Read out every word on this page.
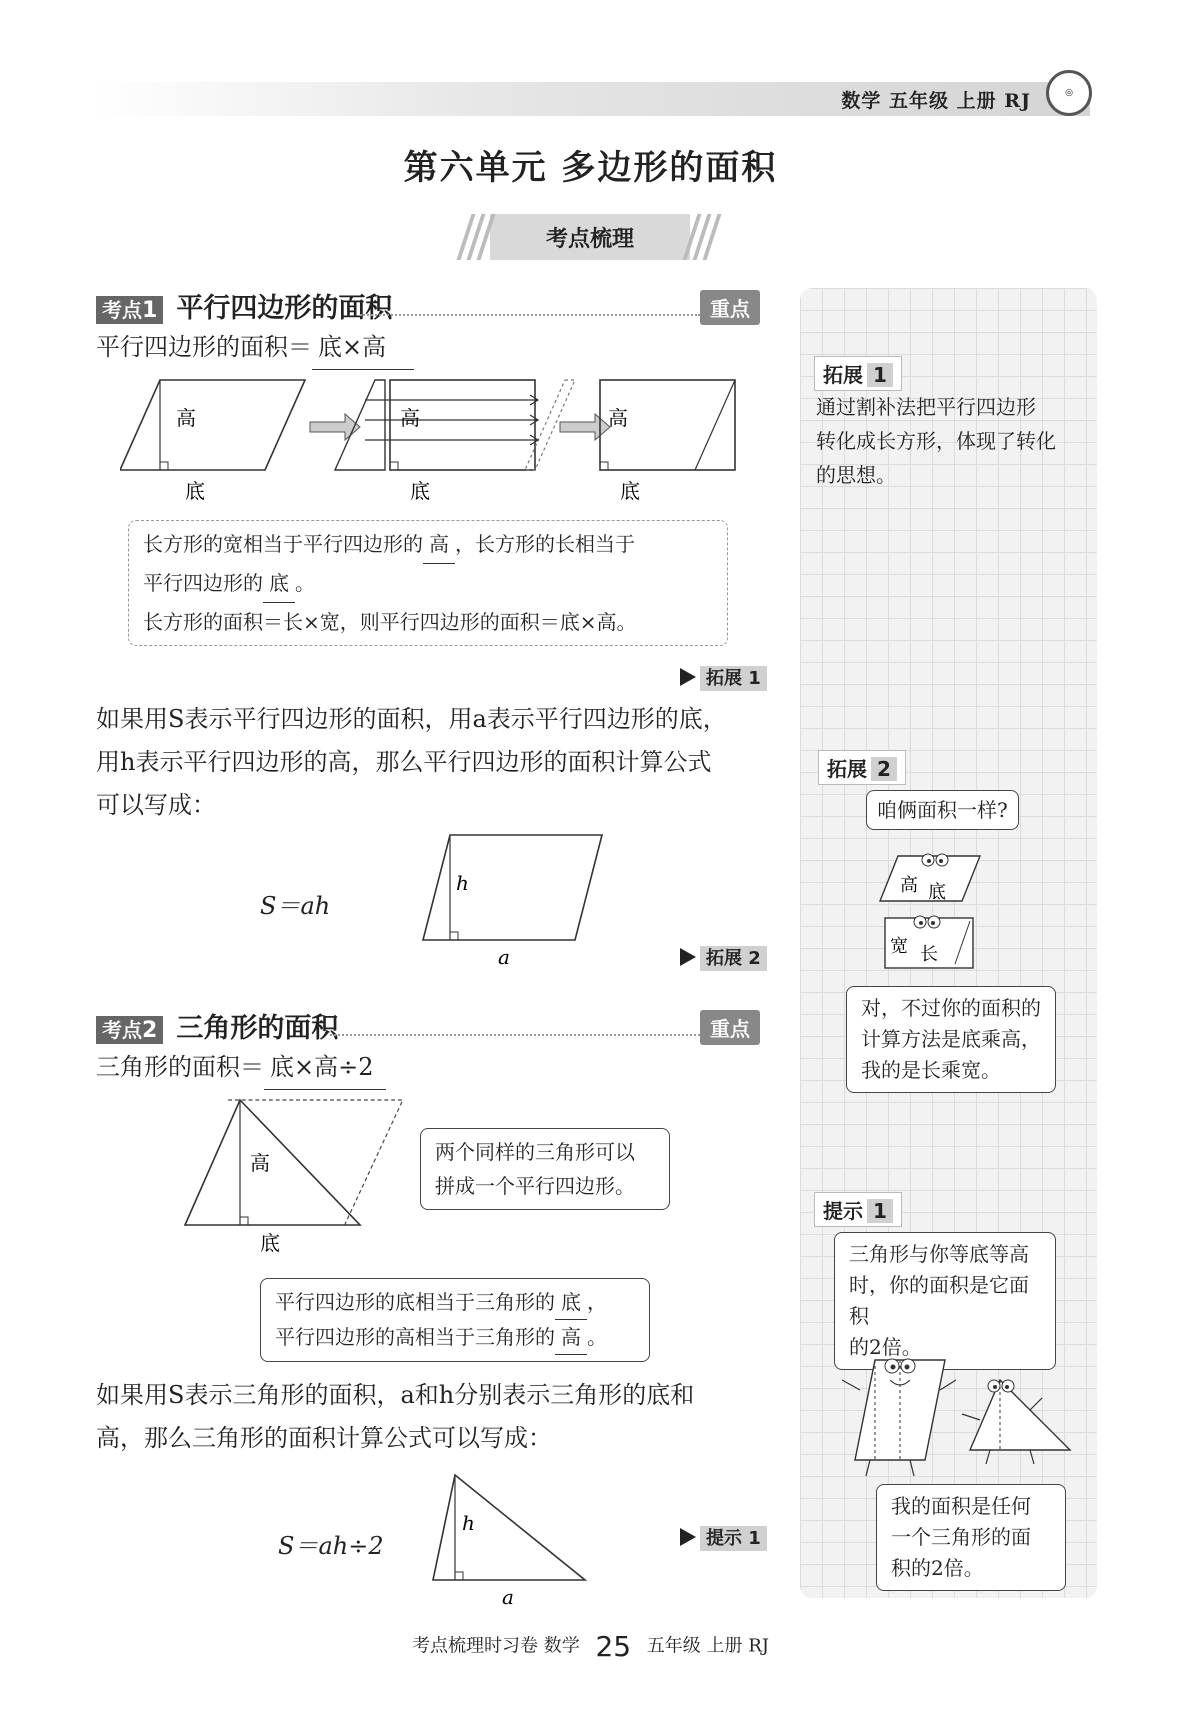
数学 五年级 上册 RJ	◎
第六单元 多边形的面积
考点梳理
考点1 平行四边形的面积	重点
平行四边形的面积＝ 底×高
高
底
高
底
高
底
长方形的宽相当于平行四边形的 高 ，长方形的长相当于
平行四边形的 底 。
长方形的面积＝长×宽，则平行四边形的面积＝底×高。
拓展 1
如果用S表示平行四边形的面积，用a表示平行四边形的底，
用h表示平行四边形的高，那么平行四边形的面积计算公式
可以写成：
S＝ah
h
a	拓展 2
考点2 三角形的面积	重点
三角形的面积＝ 底×高÷2
高
底
两个同样的三角形可以
拼成一个平行四边形。
平行四边形的底相当于三角形的 底 ，
平行四边形的高相当于三角形的 高 。
如果用S表示三角形的面积，a和h分别表示三角形的底和
高，那么三角形的面积计算公式可以写成：
S＝ah÷2
h
a
提示 1
拓展 1
通过割补法把平行四边形
转化成长方形，体现了转化
的思想。
拓展 2
咱俩面积一样?
高 底
宽 长
对，不过你的面积的
计算方法是底乘高，
我的是长乘宽。
提示 1
三角形与你等底等高
时，你的面积是它面积
的2倍。
我的面积是任何
一个三角形的面
积的2倍。
考点梳理时习卷 数学 25 五年级 上册 RJ
